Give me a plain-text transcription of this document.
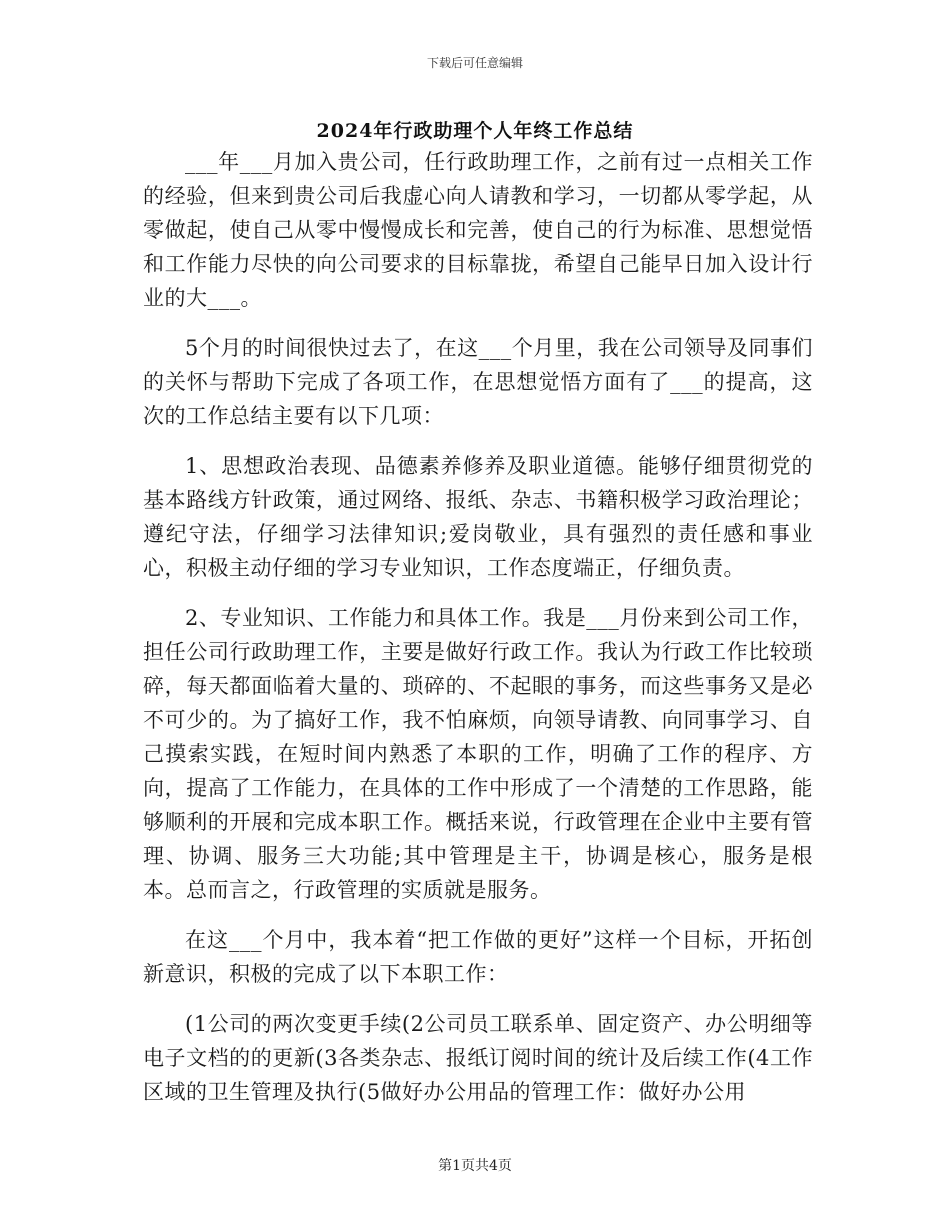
下载后可任意编辑
2024年行政助理个人年终工作总结

___年___月加入贵公司，任行政助理工作，之前有过一点相关工作的经验，但来到贵公司后我虚心向人请教和学习，一切都从零学起，从零做起，使自己从零中慢慢成长和完善，使自己的行为标准、思想觉悟和工作能力尽快的向公司要求的目标靠拢，希望自己能早日加入设计行业的大___。

5个月的时间很快过去了，在这___个月里，我在公司领导及同事们的关怀与帮助下完成了各项工作，在思想觉悟方面有了___的提高，这次的工作总结主要有以下几项：

1、思想政治表现、品德素养修养及职业道德。能够仔细贯彻党的基本路线方针政策，通过网络、报纸、杂志、书籍积极学习政治理论；遵纪守法，仔细学习法律知识;爱岗敬业，具有强烈的责任感和事业心，积极主动仔细的学习专业知识，工作态度端正，仔细负责。

2、专业知识、工作能力和具体工作。我是___月份来到公司工作，担任公司行政助理工作，主要是做好行政工作。我认为行政工作比较琐碎，每天都面临着大量的、琐碎的、不起眼的事务，而这些事务又是必不可少的。为了搞好工作，我不怕麻烦，向领导请教、向同事学习、自己摸索实践，在短时间内熟悉了本职的工作，明确了工作的程序、方向，提高了工作能力，在具体的工作中形成了一个清楚的工作思路，能够顺利的开展和完成本职工作。概括来说，行政管理在企业中主要有管理、协调、服务三大功能;其中管理是主干，协调是核心，服务是根本。总而言之，行政管理的实质就是服务。

在这___个月中，我本着“把工作做的更好”这样一个目标，开拓创新意识，积极的完成了以下本职工作：

(1公司的两次变更手续(2公司员工联系单、固定资产、办公明细等电子文档的的更新(3各类杂志、报纸订阅时间的统计及后续工作(4工作区域的卫生管理及执行(5做好办公用品的管理工作：做好办公用

第1页共4页
